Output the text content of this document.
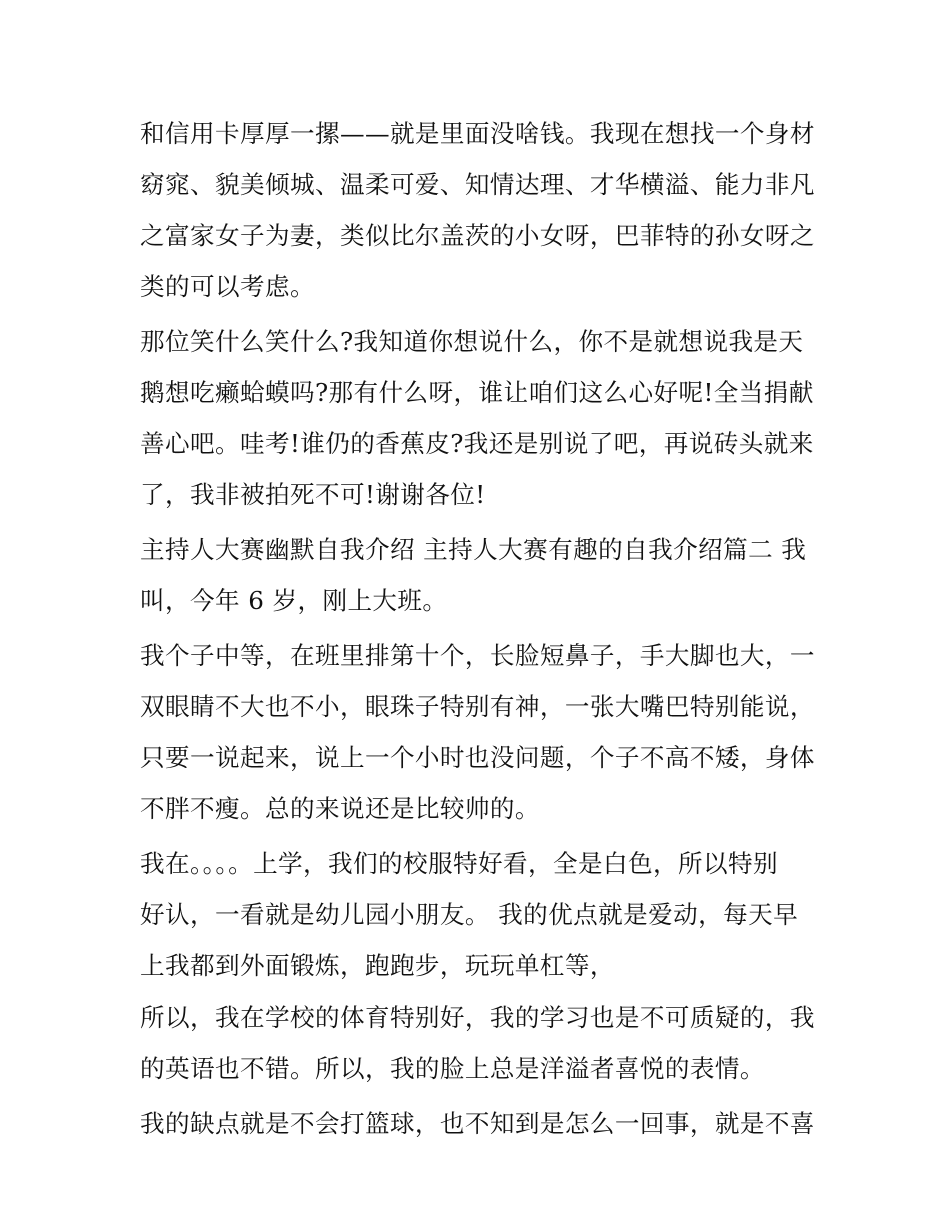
和信用卡厚厚一摞——就是里面没啥钱。我现在想找一个身材
窈窕、貌美倾城、温柔可爱、知情达理、才华横溢、能力非凡
之富家女子为妻，类似比尔盖茨的小女呀，巴菲特的孙女呀之
类的可以考虑。
那位笑什么笑什么?我知道你想说什么，你不是就想说我是天
鹅想吃癞蛤蟆吗?那有什么呀，谁让咱们这么心好呢!全当捐献
善心吧。哇考!谁仍的香蕉皮?我还是别说了吧，再说砖头就来
了，我非被拍死不可!谢谢各位!
主持人大赛幽默自我介绍 主持人大赛有趣的自我介绍篇二 我
叫，今年 6 岁，刚上大班。
我个子中等，在班里排第十个，长脸短鼻子，手大脚也大，一
双眼睛不大也不小，眼珠子特别有神，一张大嘴巴特别能说，
只要一说起来，说上一个小时也没问题，个子不高不矮，身体
不胖不瘦。总的来说还是比较帅的。
我在。。。。上学，我们的校服特好看，全是白色，所以特别
好认，一看就是幼儿园小朋友。 我的优点就是爱动，每天早
上我都到外面锻炼，跑跑步，玩玩单杠等，
所以，我在学校的体育特别好，我的学习也是不可质疑的，我
的英语也不错。所以，我的脸上总是洋溢者喜悦的表情。
我的缺点就是不会打篮球，也不知到是怎么一回事，就是不喜
